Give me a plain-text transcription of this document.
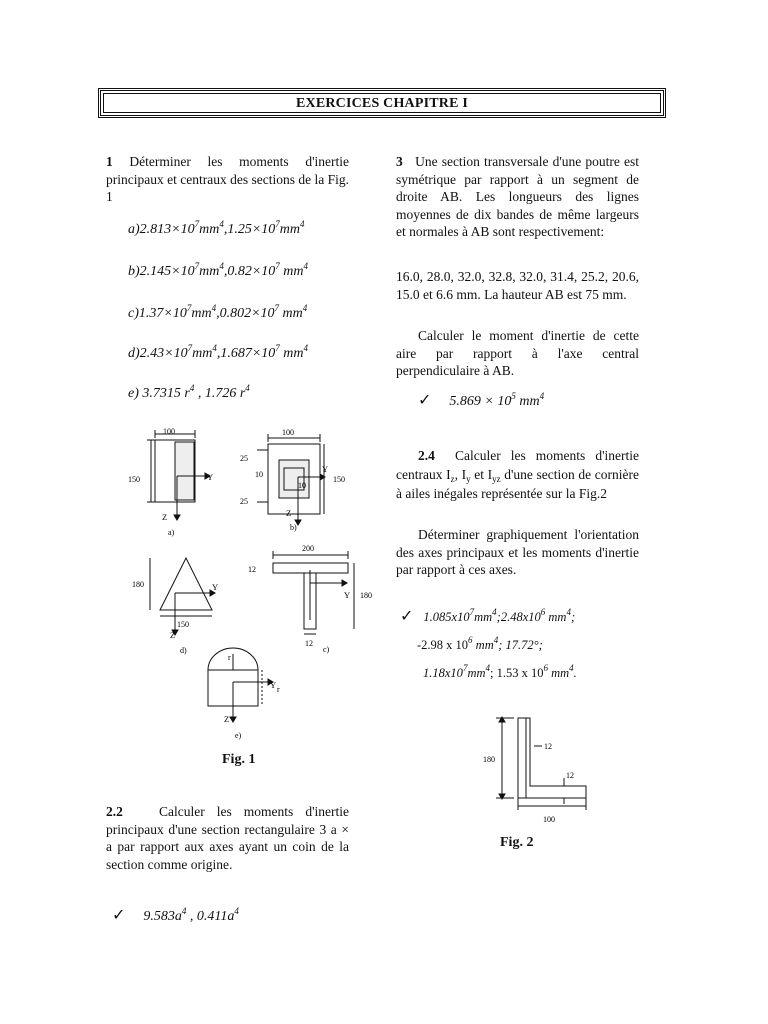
EXERCICES CHAPITRE I
1 Déterminer les moments d'inertie principaux et centraux des sections de la Fig. 1
$a)2.813\times 10^7mm^4,1.25\times 10^7mm^4$
$b)2.145\times 10^7mm^4,0.82\times 10^7$ $mm^4$
$c)1.37\times 10^7mm^4,0.802\times 10^7$ $mm^4$
$d)2.43\times 10^7mm^4,1.687\times 10^7$ $mm^4$
e) 3.7315 $r^4$ , 1.726 $r^4$
100
150	Y
Z
a)
100
25
10
10
25
150
Y
Z
b)
200
12
180
12
Y
c)
180
150
Y
Z
d)
r
r
Y
Z
e)
Fig. 1
2.2	Calculer les moments d'inertie principaux d'une section rectangulaire 3 a × a par rapport aux axes ayant un coin de la section comme origine.
✓ $9.583a^4$ , $0.411a^4$
3 Une section transversale d'une poutre est symétrique par rapport à un segment de droite AB. Les longueurs des lignes moyennes de dix bandes de même largeurs et normales à AB sont respectivement:
16.0, 28.0, 32.0, 32.8, 32.0, 31.4, 25.2, 20.6, 15.0 et 6.6 mm. La hauteur AB est 75 mm.
Calculer le moment d'inertie de cette aire par rapport à l'axe central perpendiculaire à AB.
✓ $5.869 \times 10^5$ $mm^4$
2.4 Calculer les moments d'inertie centraux $I_z$, $I_y$ et $I_{yz}$ d'une section de cornière à ailes inégales représentée sur la Fig.2
Déterminer graphiquement l'orientation des axes principaux et les moments d'inertie par rapport à ces axes.
✓ $1.085x10^7mm^4;2.48x10^6$ $mm^4$;
-2.98 x $10^6$ $mm^4$; 17.72°;
$1.18x10^7mm^4$; 1.53 x $10^6$ $mm^4$.
180
12
12
100
Fig. 2
